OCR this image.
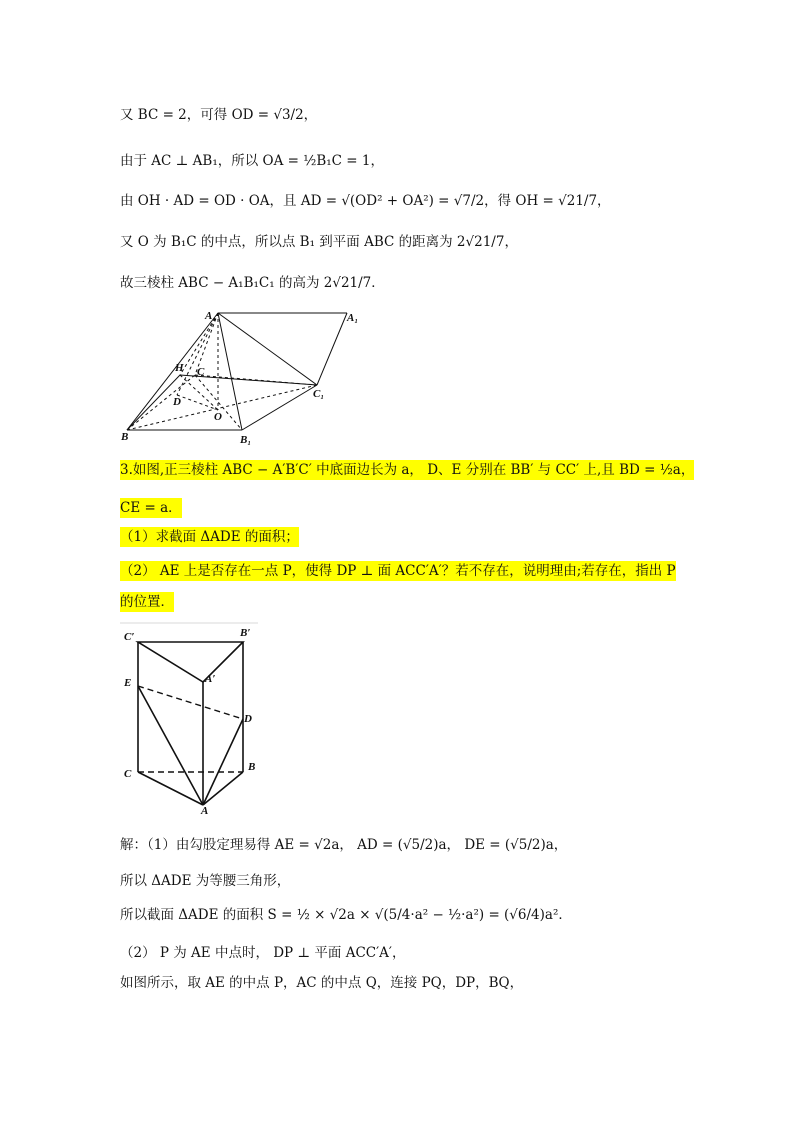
又 BC = 2，可得 OD = √3/2，
由于 AC ⊥ AB₁，所以 OA = ½B₁C = 1，
由 OH · AD = OD · OA，且 AD = √(OD² + OA²) = √7/2，得 OH = √21/7，
又 O 为 B₁C 的中点，所以点 B₁ 到平面 ABC 的距离为 2√21/7，
故三棱柱 ABC − A₁B₁C₁ 的高为 2√21/7．
A	A₁
H C
C₁
D
O
B	B₁
3.如图,正三棱柱 ABC − A′B′C′ 中底面边长为 a， D、E 分别在 BB′ 与 CC′ 上,且 BD = ½a，
CE = a．
（1）求截面 ΔADE 的面积；
（2） AE 上是否存在一点 P，使得 DP ⊥ 面 ACC′A′？若不存在，说明理由;若存在，指出 P
的位置．
C′	B′
A′
E
D
C
B
A
解：（1）由勾股定理易得 AE = √2a， AD = (√5/2)a， DE = (√5/2)a，
所以 ΔADE 为等腰三角形，
所以截面 ΔADE 的面积 S = ½ × √2a × √(5/4·a² − ½·a²) = (√6/4)a²．
（2） P 为 AE 中点时， DP ⊥ 平面 ACC′A′，
如图所示，取 AE 的中点 P，AC 的中点 Q，连接 PQ，DP，BQ，
